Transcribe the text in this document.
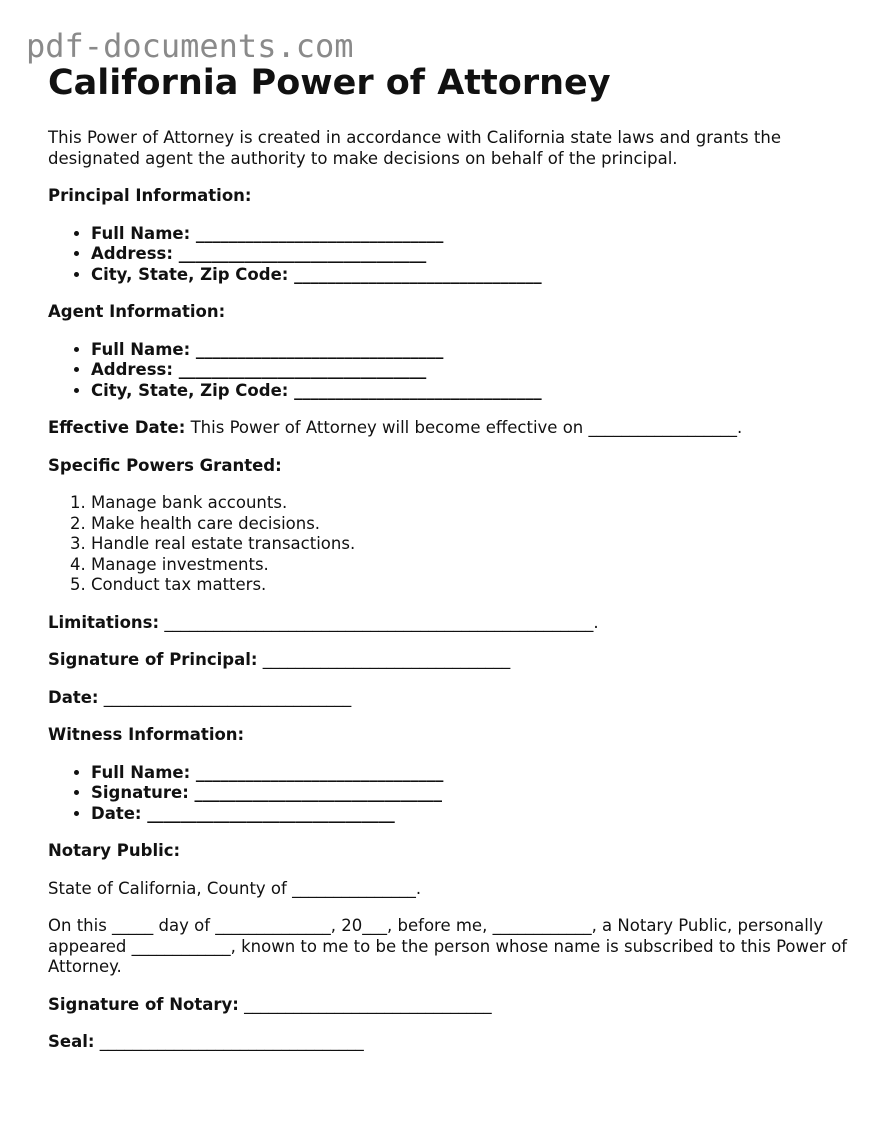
pdf-documents.com
California Power of Attorney

This Power of Attorney is created in accordance with California state laws and grants the designated agent the authority to make decisions on behalf of the principal.

Principal Information:

• Full Name: ______________________________
• Address: ______________________________
• City, State, Zip Code: ______________________________

Agent Information:

• Full Name: ______________________________
• Address: ______________________________
• City, State, Zip Code: ______________________________

Effective Date: This Power of Attorney will become effective on __________________.

Specific Powers Granted:

1. Manage bank accounts.
2. Make health care decisions.
3. Handle real estate transactions.
4. Manage investments.
5. Conduct tax matters.

Limitations: ____________________________________________________.

Signature of Principal: ______________________________

Date: ______________________________

Witness Information:

• Full Name: ______________________________
• Signature: ______________________________
• Date: ______________________________

Notary Public:

State of California, County of _______________.

On this _____ day of ______________, 20___, before me, ____________, a Notary Public, personally appeared ____________, known to me to be the person whose name is subscribed to this Power of Attorney.

Signature of Notary: ______________________________

Seal: ________________________________
